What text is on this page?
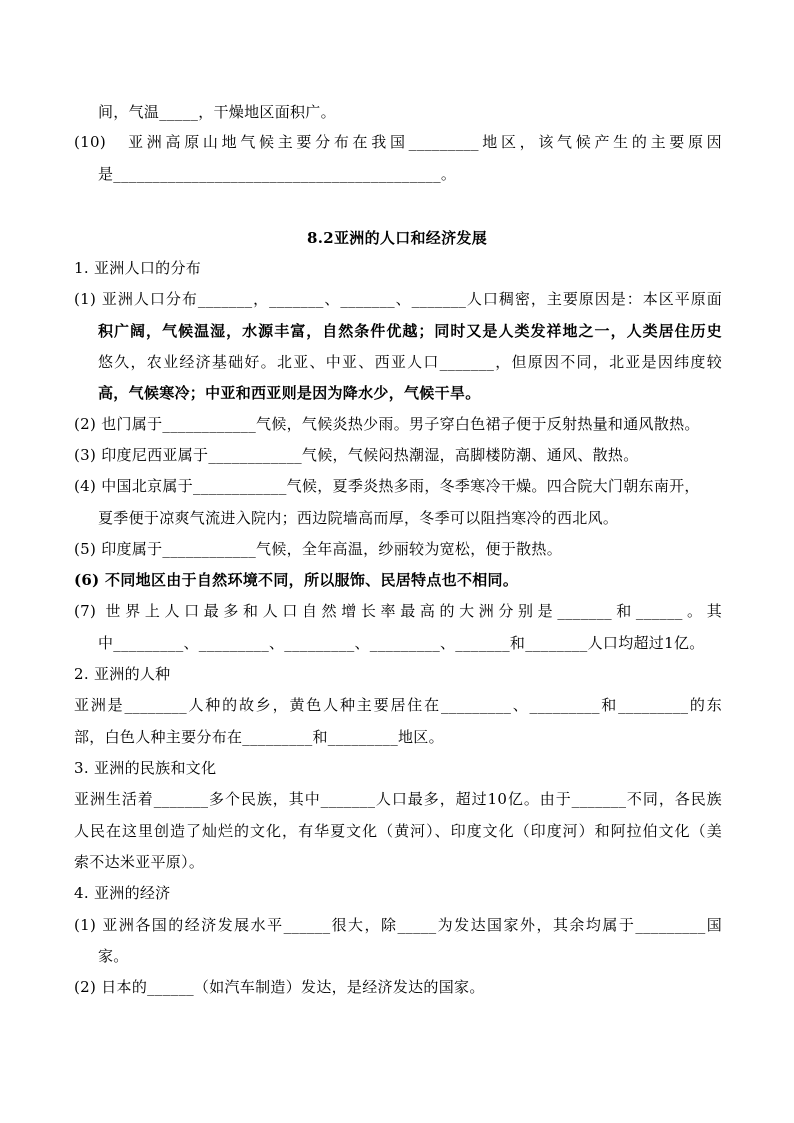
间，气温_____，干燥地区面积广。
(10)　亚洲高原山地气候主要分布在我国_________地区，该气候产生的主要原因
是__________________________________________。
8.2亚洲的人口和经济发展
1. 亚洲人口的分布
(1) 亚洲人口分布_______，_______、_______、_______人口稠密，主要原因是：本区平原面
积广阔，气候温湿，水源丰富，自然条件优越；同时又是人类发祥地之一，人类居住历史
悠久，农业经济基础好。北亚、中亚、西亚人口_______，但原因不同，北亚是因纬度较
高，气候寒冷；中亚和西亚则是因为降水少，气候干旱。
(2) 也门属于____________气候，气候炎热少雨。男子穿白色裙子便于反射热量和通风散热。
(3) 印度尼西亚属于____________气候，气候闷热潮湿，高脚楼防潮、通风、散热。
(4) 中国北京属于____________气候，夏季炎热多雨，冬季寒冷干燥。四合院大门朝东南开，
夏季便于凉爽气流进入院内；西边院墙高而厚，冬季可以阻挡寒冷的西北风。
(5) 印度属于____________气候，全年高温，纱丽较为宽松，便于散热。
(6) 不同地区由于自然环境不同，所以服饰、民居特点也不相同。
(7) 世界上人口最多和人口自然增长率最高的大洲分别是_______和______。其
中_________、_________、_________、_________、_______和________人口均超过1亿。
2. 亚洲的人种
亚洲是________人种的故乡，黄色人种主要居住在_________、_________和_________的东
部，白色人种主要分布在_________和_________地区。
3. 亚洲的民族和文化
亚洲生活着_______多个民族，其中_______人口最多，超过10亿。由于_______不同，各民族
人民在这里创造了灿烂的文化，有华夏文化（黄河）、印度文化（印度河）和阿拉伯文化（美
索不达米亚平原）。
4. 亚洲的经济
(1) 亚洲各国的经济发展水平______很大，除_____为发达国家外，其余均属于_________国
家。
(2) 日本的______（如汽车制造）发达，是经济发达的国家。
